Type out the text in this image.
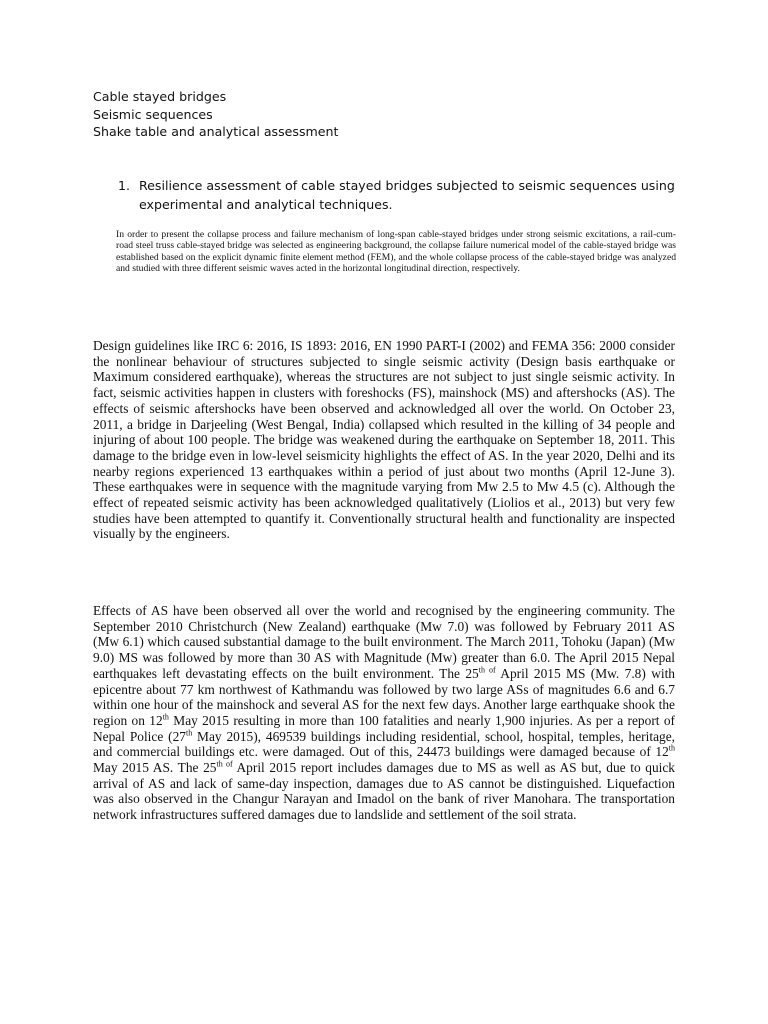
Cable stayed bridges
Seismic sequences
Shake table and analytical assessment
1. Resilience assessment of cable stayed bridges subjected to seismic sequences using experimental and analytical techniques.
In order to present the collapse process and failure mechanism of long-span cable-stayed bridges under strong seismic excitations, a rail-cum-road steel truss cable-stayed bridge was selected as engineering background, the collapse failure numerical model of the cable-stayed bridge was established based on the explicit dynamic finite element method (FEM), and the whole collapse process of the cable-stayed bridge was analyzed and studied with three different seismic waves acted in the horizontal longitudinal direction, respectively.

Design guidelines like IRC 6: 2016, IS 1893: 2016, EN 1990 PART-I (2002) and FEMA 356: 2000 consider the nonlinear behaviour of structures subjected to single seismic activity (Design basis earthquake or Maximum considered earthquake), whereas the structures are not subject to just single seismic activity. In fact, seismic activities happen in clusters with foreshocks (FS), mainshock (MS) and aftershocks (AS). The effects of seismic aftershocks have been observed and acknowledged all over the world. On October 23, 2011, a bridge in Darjeeling (West Bengal, India) collapsed which resulted in the killing of 34 people and injuring of about 100 people. The bridge was weakened during the earthquake on September 18, 2011. This damage to the bridge even in low-level seismicity highlights the effect of AS. In the year 2020, Delhi and its nearby regions experienced 13 earthquakes within a period of just about two months (April 12-June 3). These earthquakes were in sequence with the magnitude varying from Mw 2.5 to Mw 4.5 (c). Although the effect of repeated seismic activity has been acknowledged qualitatively (Liolios et al., 2013) but very few studies have been attempted to quantify it. Conventionally structural health and functionality are inspected visually by the engineers.

Effects of AS have been observed all over the world and recognised by the engineering community. The September 2010 Christchurch (New Zealand) earthquake (Mw 7.0) was followed by February 2011 AS (Mw 6.1) which caused substantial damage to the built environment. The March 2011, Tohoku (Japan) (Mw 9.0) MS was followed by more than 30 AS with Magnitude (Mw) greater than 6.0. The April 2015 Nepal earthquakes left devastating effects on the built environment. The $25^{th of}$ April 2015 MS (Mw. 7.8) with epicentre about 77 km northwest of Kathmandu was followed by two large ASs of magnitudes 6.6 and 6.7 within one hour of the mainshock and several AS for the next few days. Another large earthquake shook the region on 12th May 2015 resulting in more than 100 fatalities and nearly 1,900 injuries. As per a report of Nepal Police (27th May 2015), 469539 buildings including residential, school, hospital, temples, heritage, and commercial buildings etc. were damaged. Out of this, 24473 buildings were damaged because of 12th May 2015 AS. The $25^{th of}$ April 2015 report includes damages due to MS as well as AS but, due to quick arrival of AS and lack of same-day inspection, damages due to AS cannot be distinguished. Liquefaction was also observed in the Changur Narayan and Imadol on the bank of river Manohara. The transportation network infrastructures suffered damages due to landslide and settlement of the soil strata.
